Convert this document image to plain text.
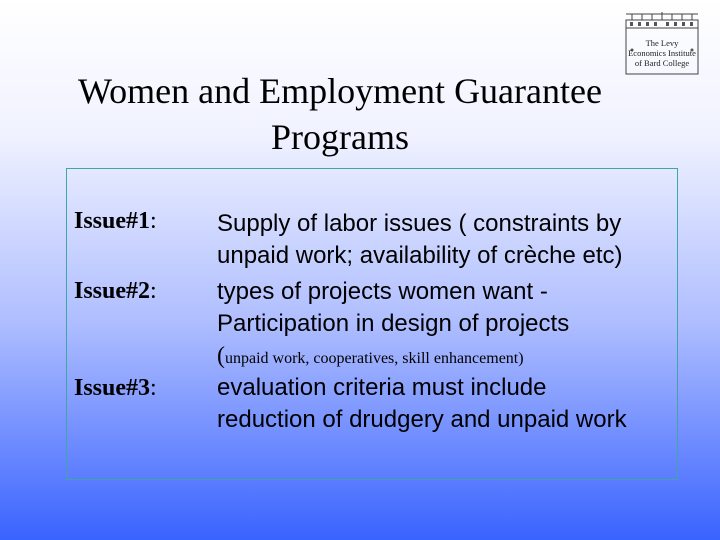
Women and Employment Guarantee
Programs
The Levy
Economics Institute
of Bard College
Issue#1:	Supply of labor issues ( constraints by
unpaid work; availability of crèche etc)
Issue#2:	types of projects women want -
Participation in design of projects
(unpaid work, cooperatives, skill enhancement)
Issue#3:	evaluation criteria must include
reduction of drudgery and unpaid work
